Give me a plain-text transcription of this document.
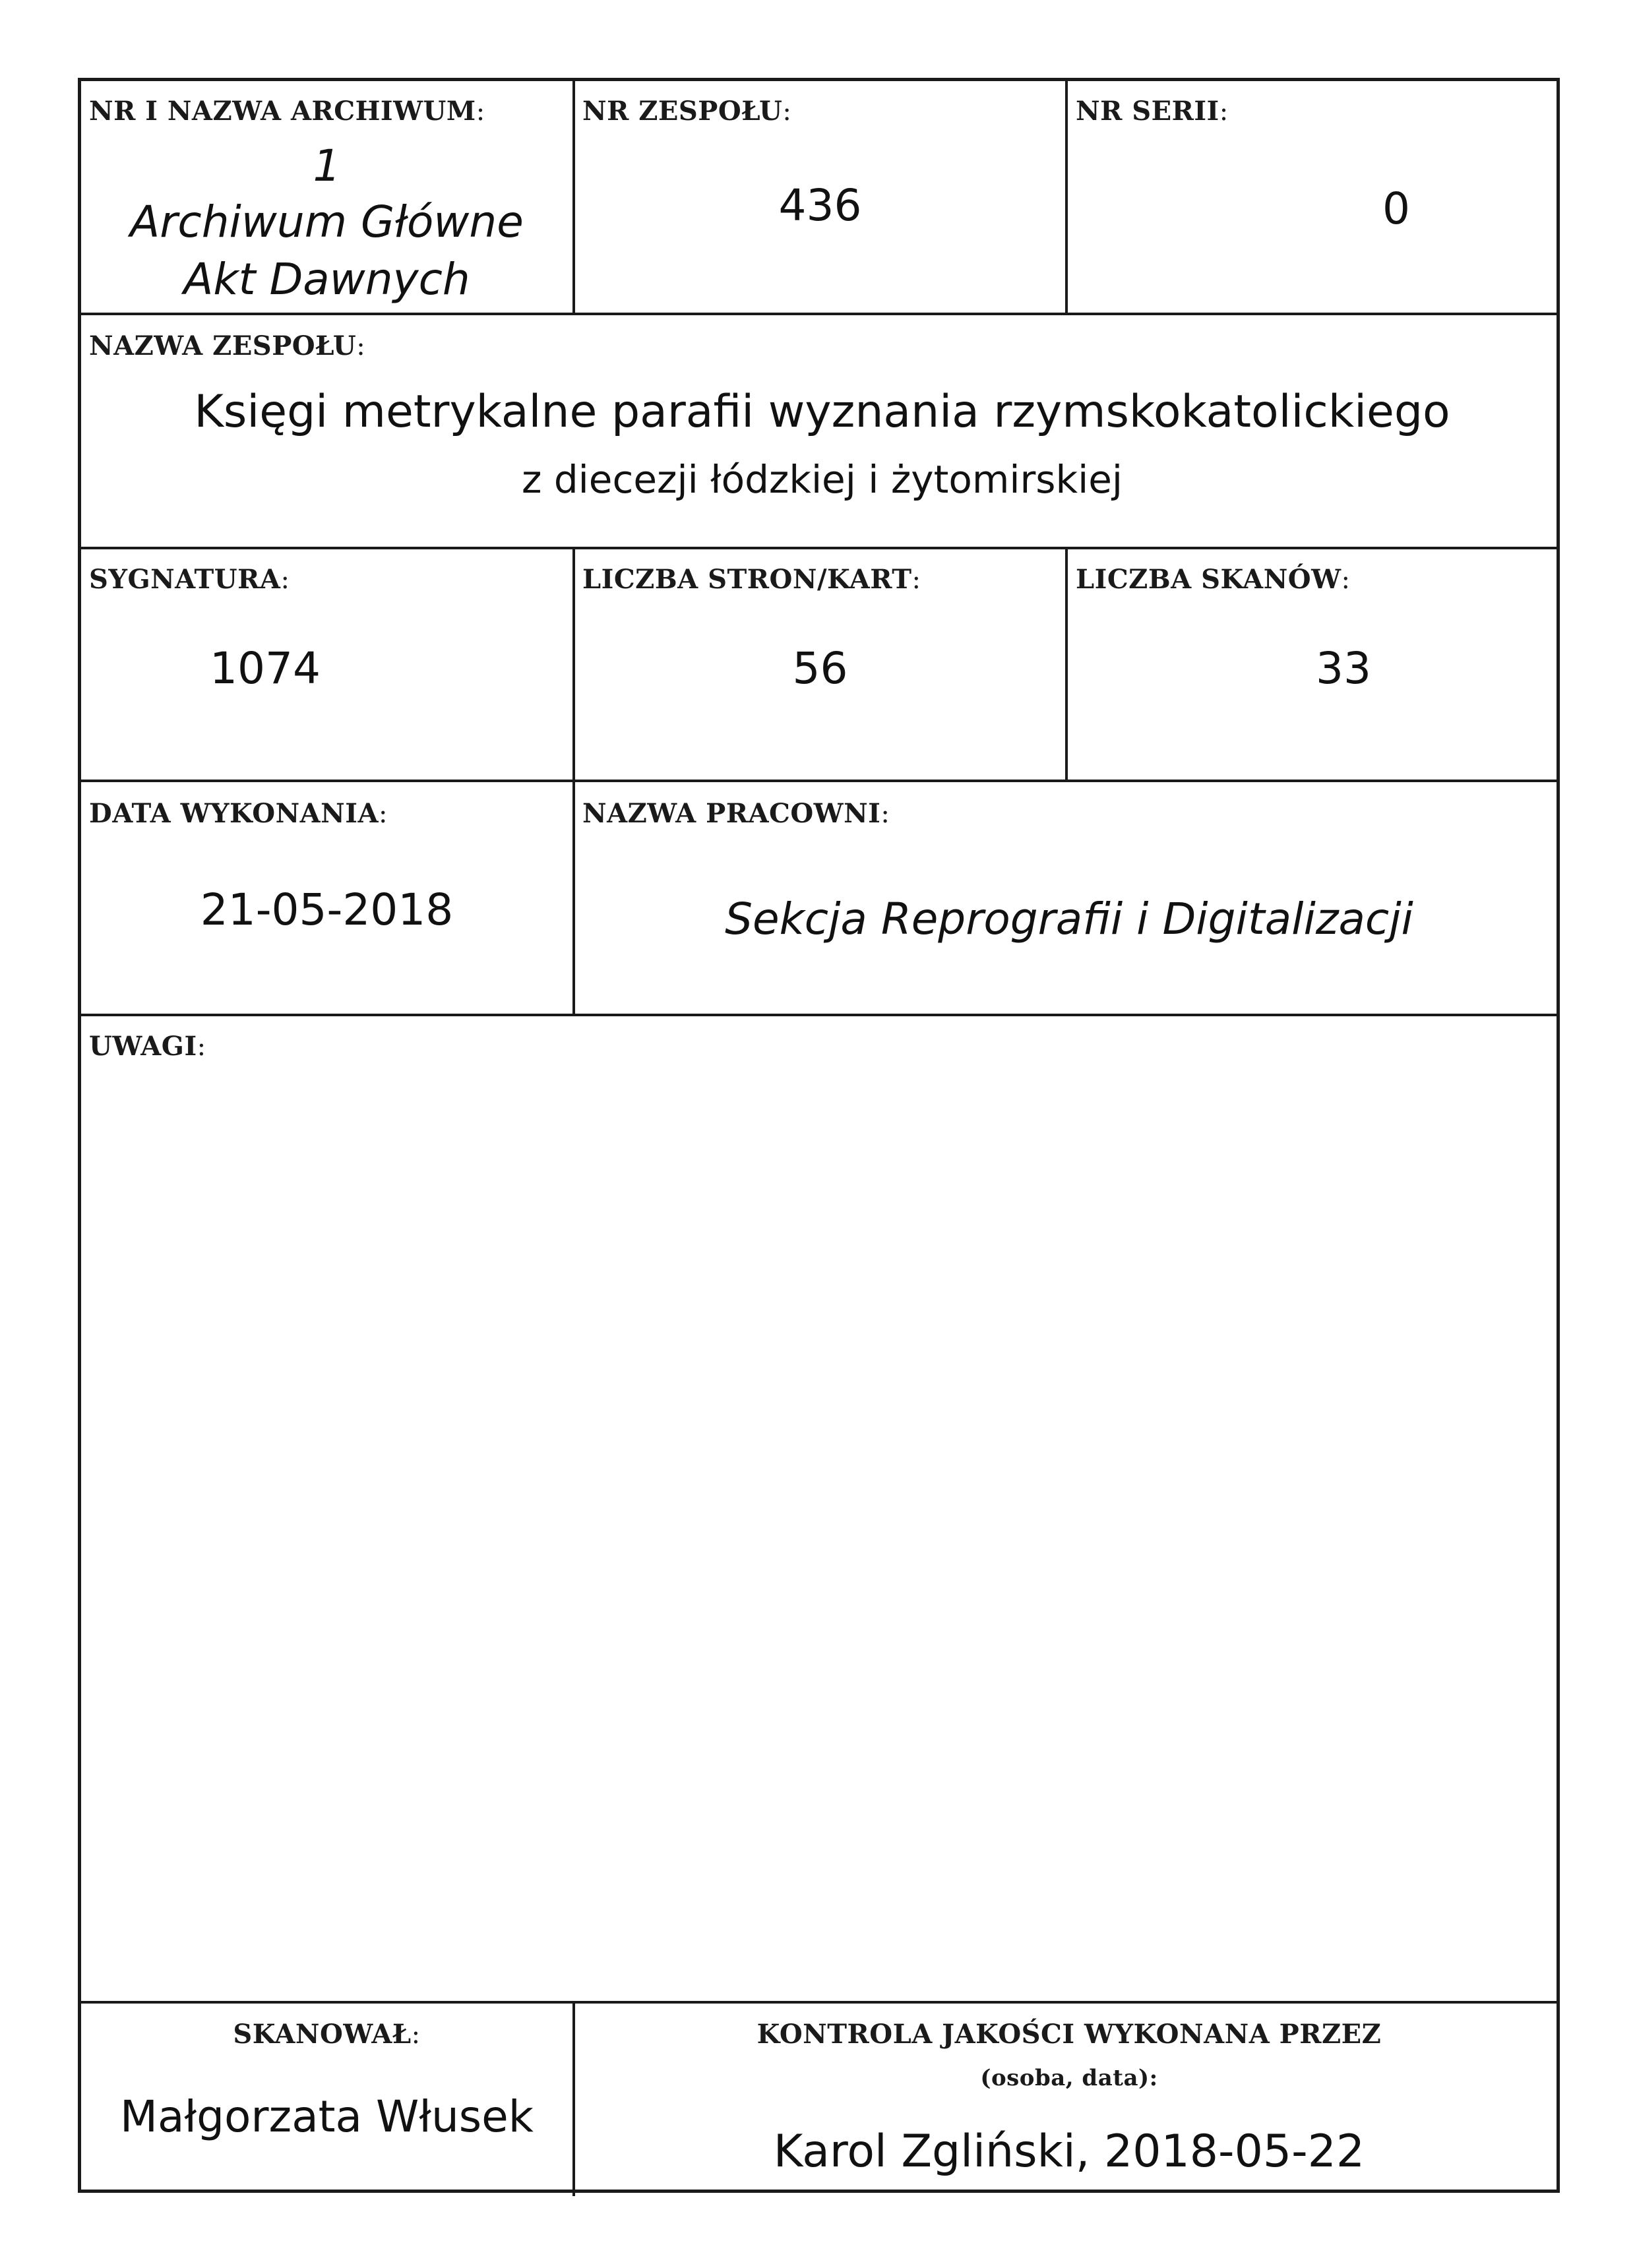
NR I NAZWA ARCHIWUM:
1
Archiwum Główne
Akt Dawnych
NR ZESPOŁU:
436
NR SERII:
0
NAZWA ZESPOŁU:
Księgi metrykalne parafii wyznania rzymskokatolickiego
z diecezji łódzkiej i żytomirskiej
SYGNATURA:
1074
LICZBA STRON/KART:
56
LICZBA SKANÓW:
33
DATA WYKONANIA:
21-05-2018
NAZWA PRACOWNI:
Sekcja Reprografii i Digitalizacji
UWAGI:
SKANOWAŁ:
Małgorzata Włusek
KONTROLA JAKOŚCI WYKONANA PRZEZ
(osoba, data):
Karol Zgliński, 2018-05-22
